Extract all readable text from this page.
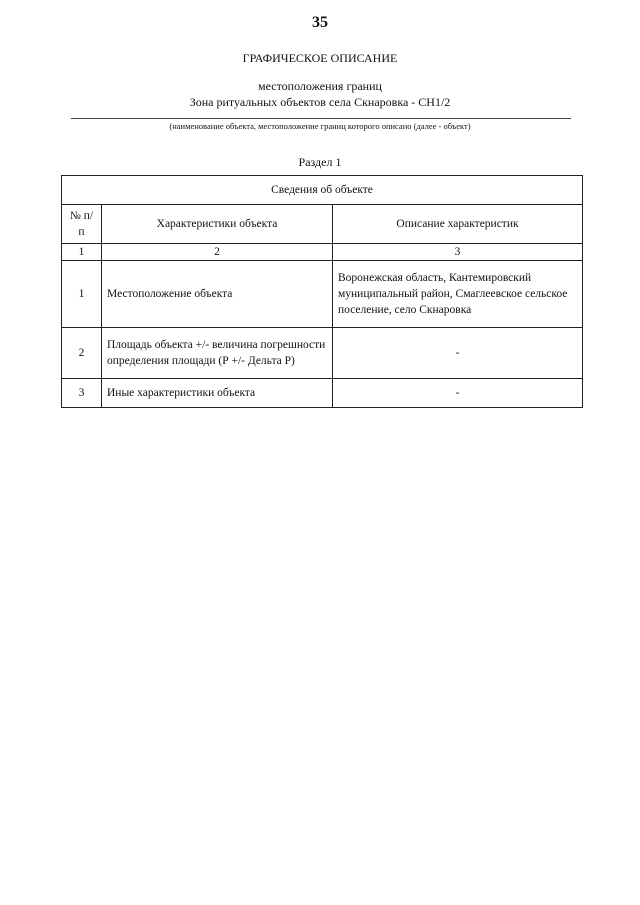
35
ГРАФИЧЕСКОЕ ОПИСАНИЕ
местоположения границ
Зона ритуальных объектов села Скнаровка - СН1/2
(наименование объекта, местоположение границ которого описано (далее - объект)
Раздел 1
Сведения об объекте		
№ п/п	Характеристики объекта	Описание характеристик
1	2	3
1	Местоположение объекта	Воронежская область, Кантемировский муниципальный район, Смаглеевское сельское поселение, село Скнаровка
2	Площадь объекта +/- величина погрешности определения площади (Р +/- Дельта Р)	-
3	Иные характеристики объекта	-
